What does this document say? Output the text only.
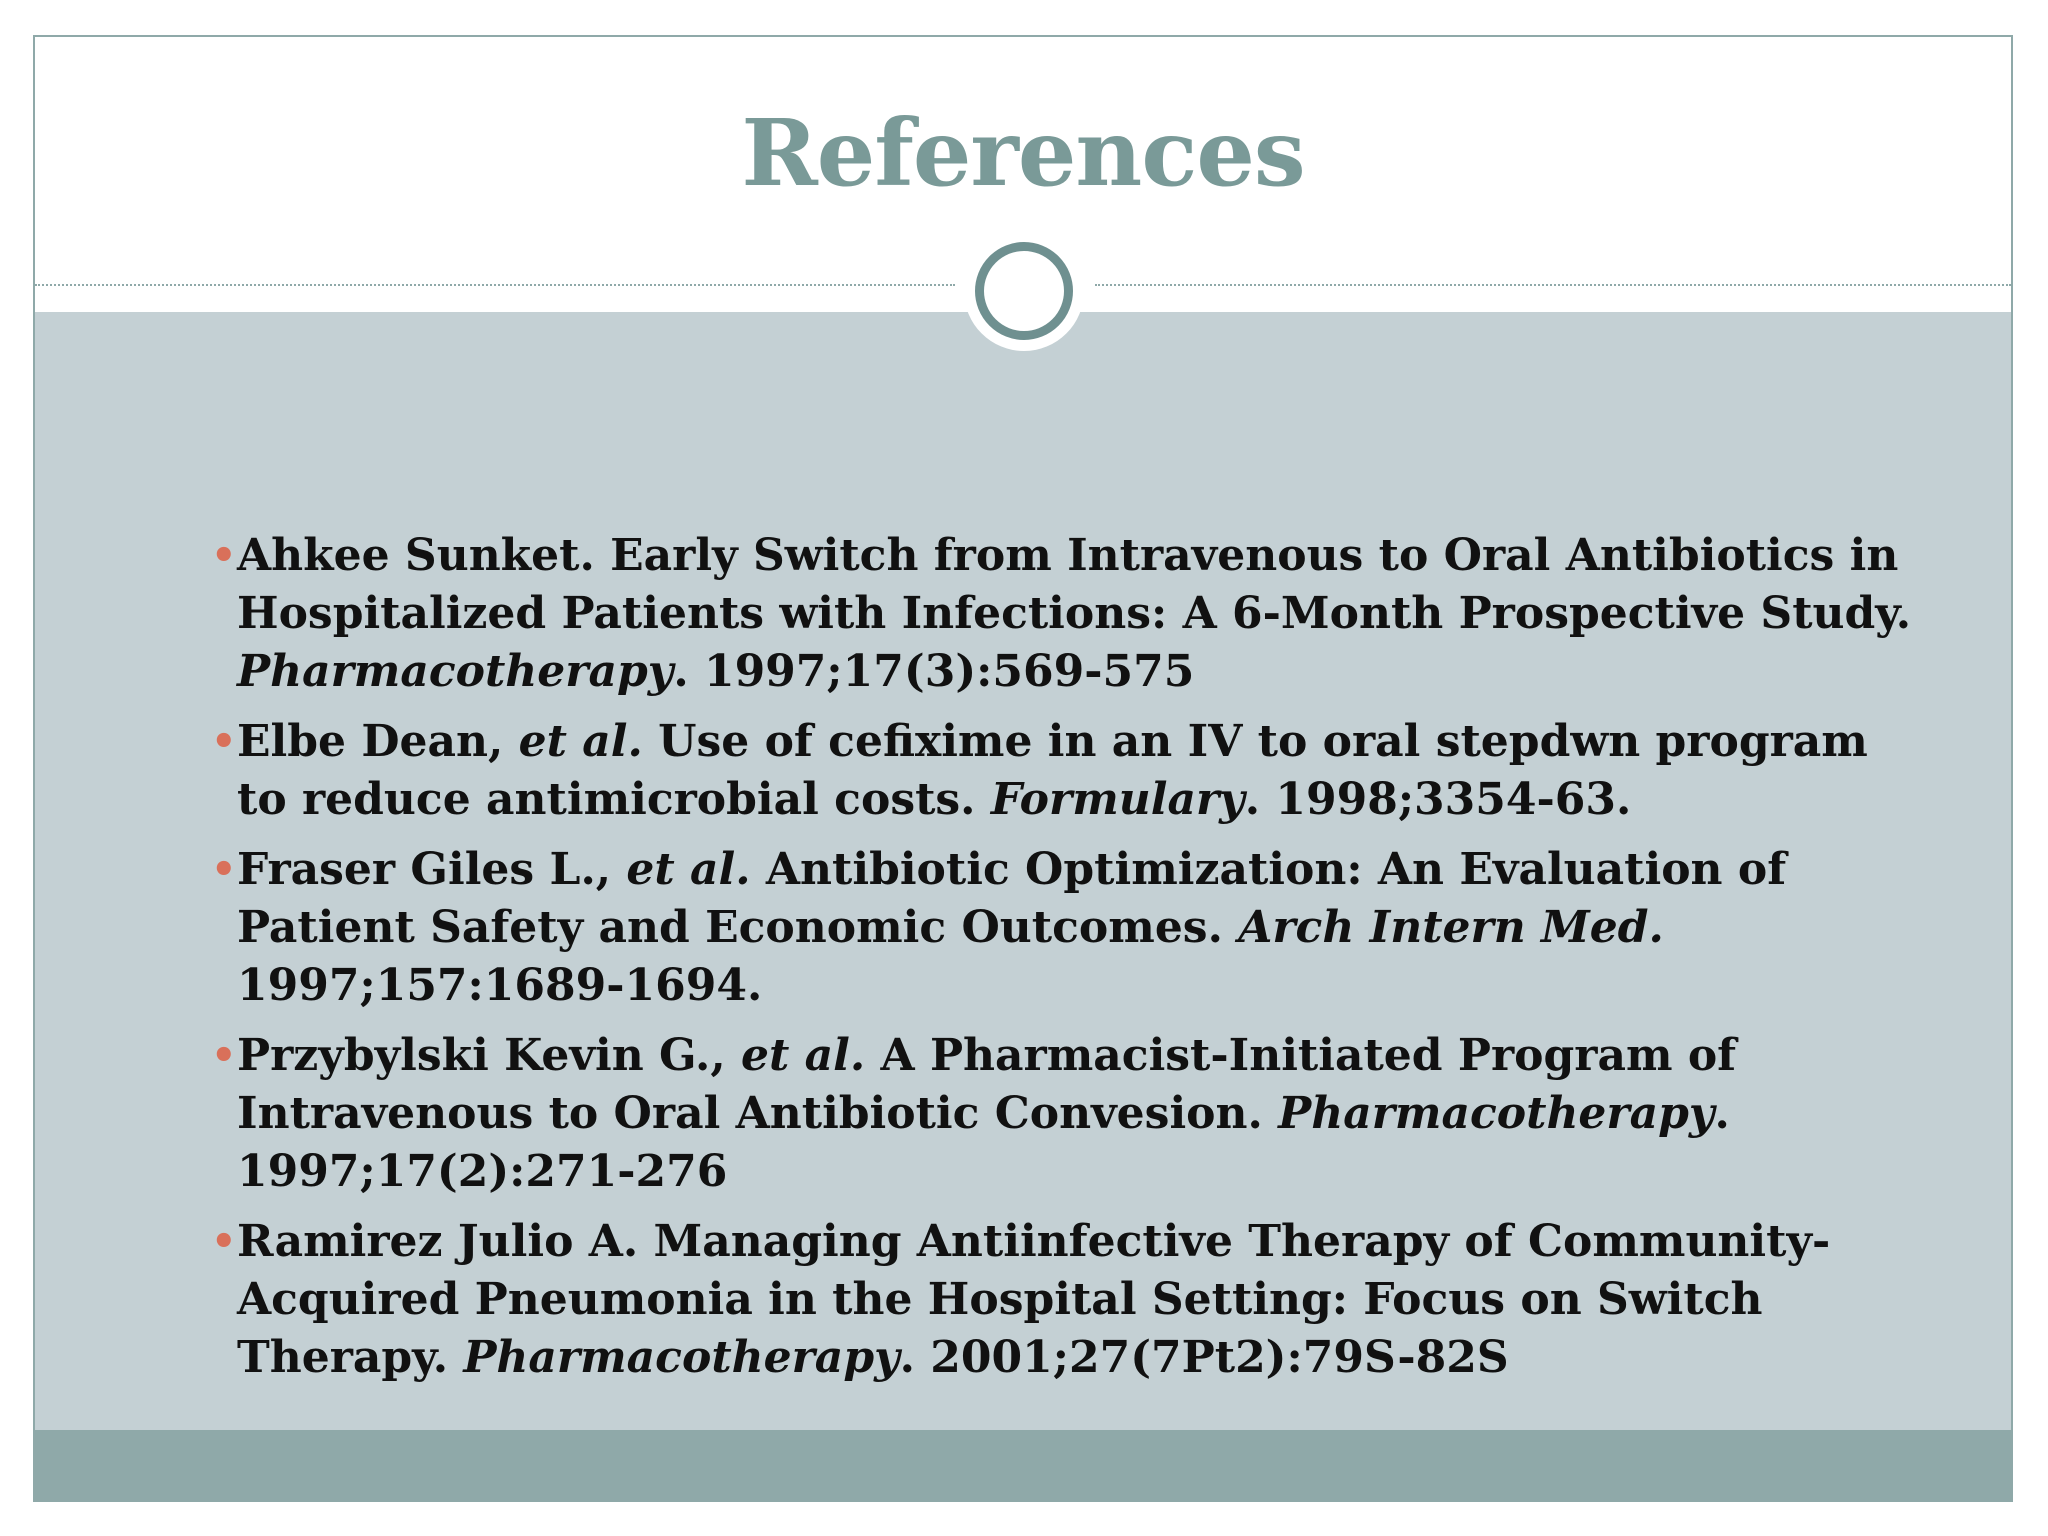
References
• Ahkee Sunket. Early Switch from Intravenous to Oral Antibiotics in Hospitalized Patients with Infections: A 6-Month Prospective Study. Pharmacotherapy. 1997;17(3):569-575
• Elbe Dean, et al. Use of cefixime in an IV to oral stepdwn program to reduce antimicrobial costs. Formulary. 1998;3354-63.
• Fraser Giles L., et al. Antibiotic Optimization: An Evaluation of Patient Safety and Economic Outcomes. Arch Intern Med. 1997;157:1689-1694.
• Przybylski Kevin G., et al. A Pharmacist-Initiated Program of Intravenous to Oral Antibiotic Convesion. Pharmacotherapy. 1997;17(2):271-276
• Ramirez Julio A. Managing Antiinfective Therapy of Community-Acquired Pneumonia in the Hospital Setting: Focus on Switch Therapy. Pharmacotherapy. 2001;27(7Pt2):79S-82S
